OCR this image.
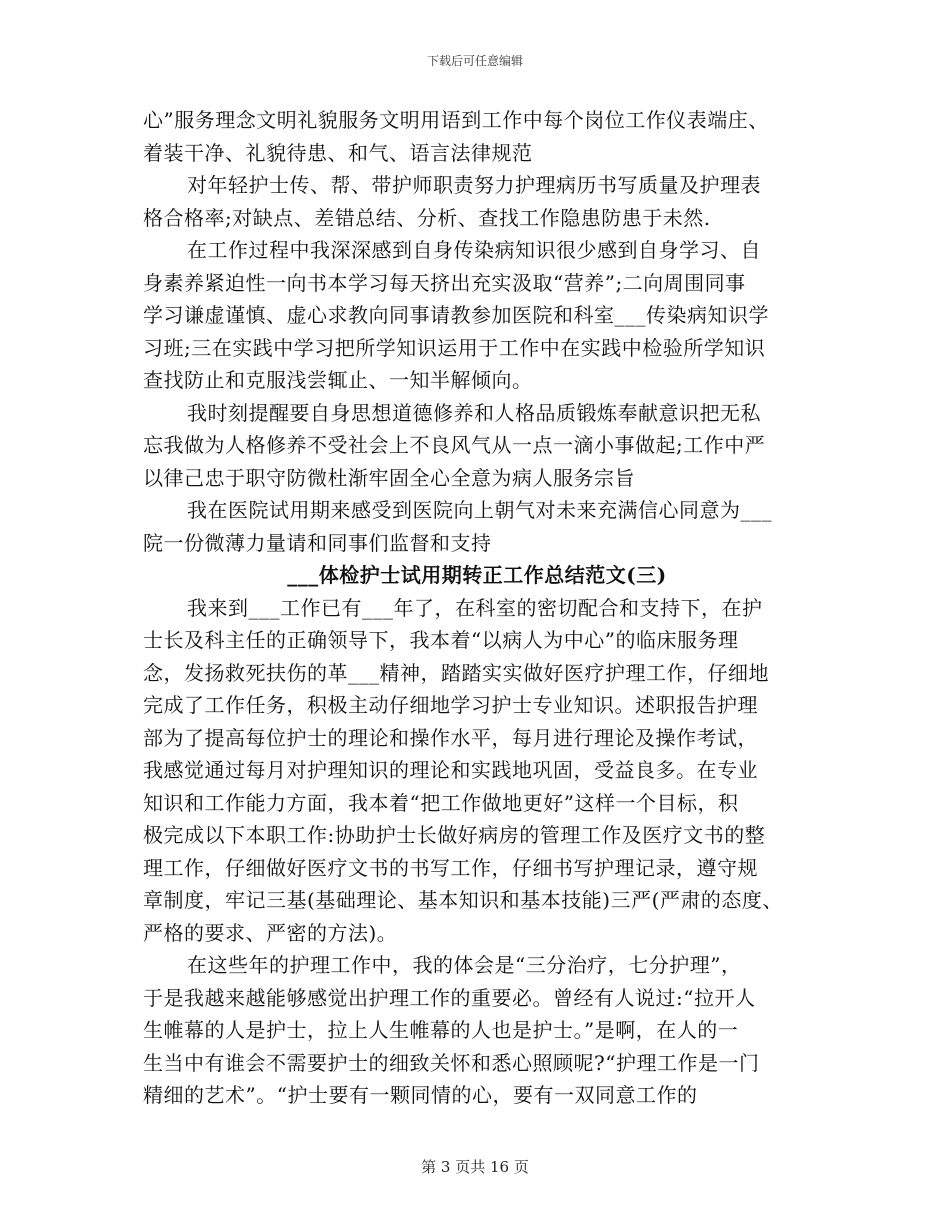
下载后可任意编辑
心”服务理念文明礼貌服务文明用语到工作中每个岗位工作仪表端庄、
着装干净、礼貌待患、和气、语言法律规范
对年轻护士传、帮、带护师职责努力护理病历书写质量及护理表
格合格率;对缺点、差错总结、分析、查找工作隐患防患于未然.
在工作过程中我深深感到自身传染病知识很少感到自身学习、自
身素养紧迫性一向书本学习每天挤出充实汲取“营养”;二向周围同事
学习谦虚谨慎、虚心求教向同事请教参加医院和科室___传染病知识学
习班;三在实践中学习把所学知识运用于工作中在实践中检验所学知识
查找防止和克服浅尝辄止、一知半解倾向。
我时刻提醒要自身思想道德修养和人格品质锻炼奉献意识把无私
忘我做为人格修养不受社会上不良风气从一点一滴小事做起;工作中严
以律己忠于职守防微杜渐牢固全心全意为病人服务宗旨
我在医院试用期来感受到医院向上朝气对未来充满信心同意为___
院一份微薄力量请和同事们监督和支持
___体检护士试用期转正工作总结范文(三)
我来到___工作已有___年了，在科室的密切配合和支持下，在护
士长及科主任的正确领导下，我本着“以病人为中心”的临床服务理
念，发扬救死扶伤的革___精神，踏踏实实做好医疗护理工作，仔细地
完成了工作任务，积极主动仔细地学习护士专业知识。述职报告护理
部为了提高每位护士的理论和操作水平，每月进行理论及操作考试，
我感觉通过每月对护理知识的理论和实践地巩固，受益良多。在专业
知识和工作能力方面，我本着“把工作做地更好”这样一个目标，积
极完成以下本职工作:协助护士长做好病房的管理工作及医疗文书的整
理工作，仔细做好医疗文书的书写工作，仔细书写护理记录，遵守规
章制度，牢记三基(基础理论、基本知识和基本技能)三严(严肃的态度、
严格的要求、严密的方法)。
在这些年的护理工作中，我的体会是“三分治疗，七分护理”，
于是我越来越能够感觉出护理工作的重要必。曾经有人说过:“拉开人
生帷幕的人是护士，拉上人生帷幕的人也是护士。”是啊，在人的一
生当中有谁会不需要护士的细致关怀和悉心照顾呢?“护理工作是一门
精细的艺术”。“护士要有一颗同情的心，要有一双同意工作的
第 3 页共 16 页
